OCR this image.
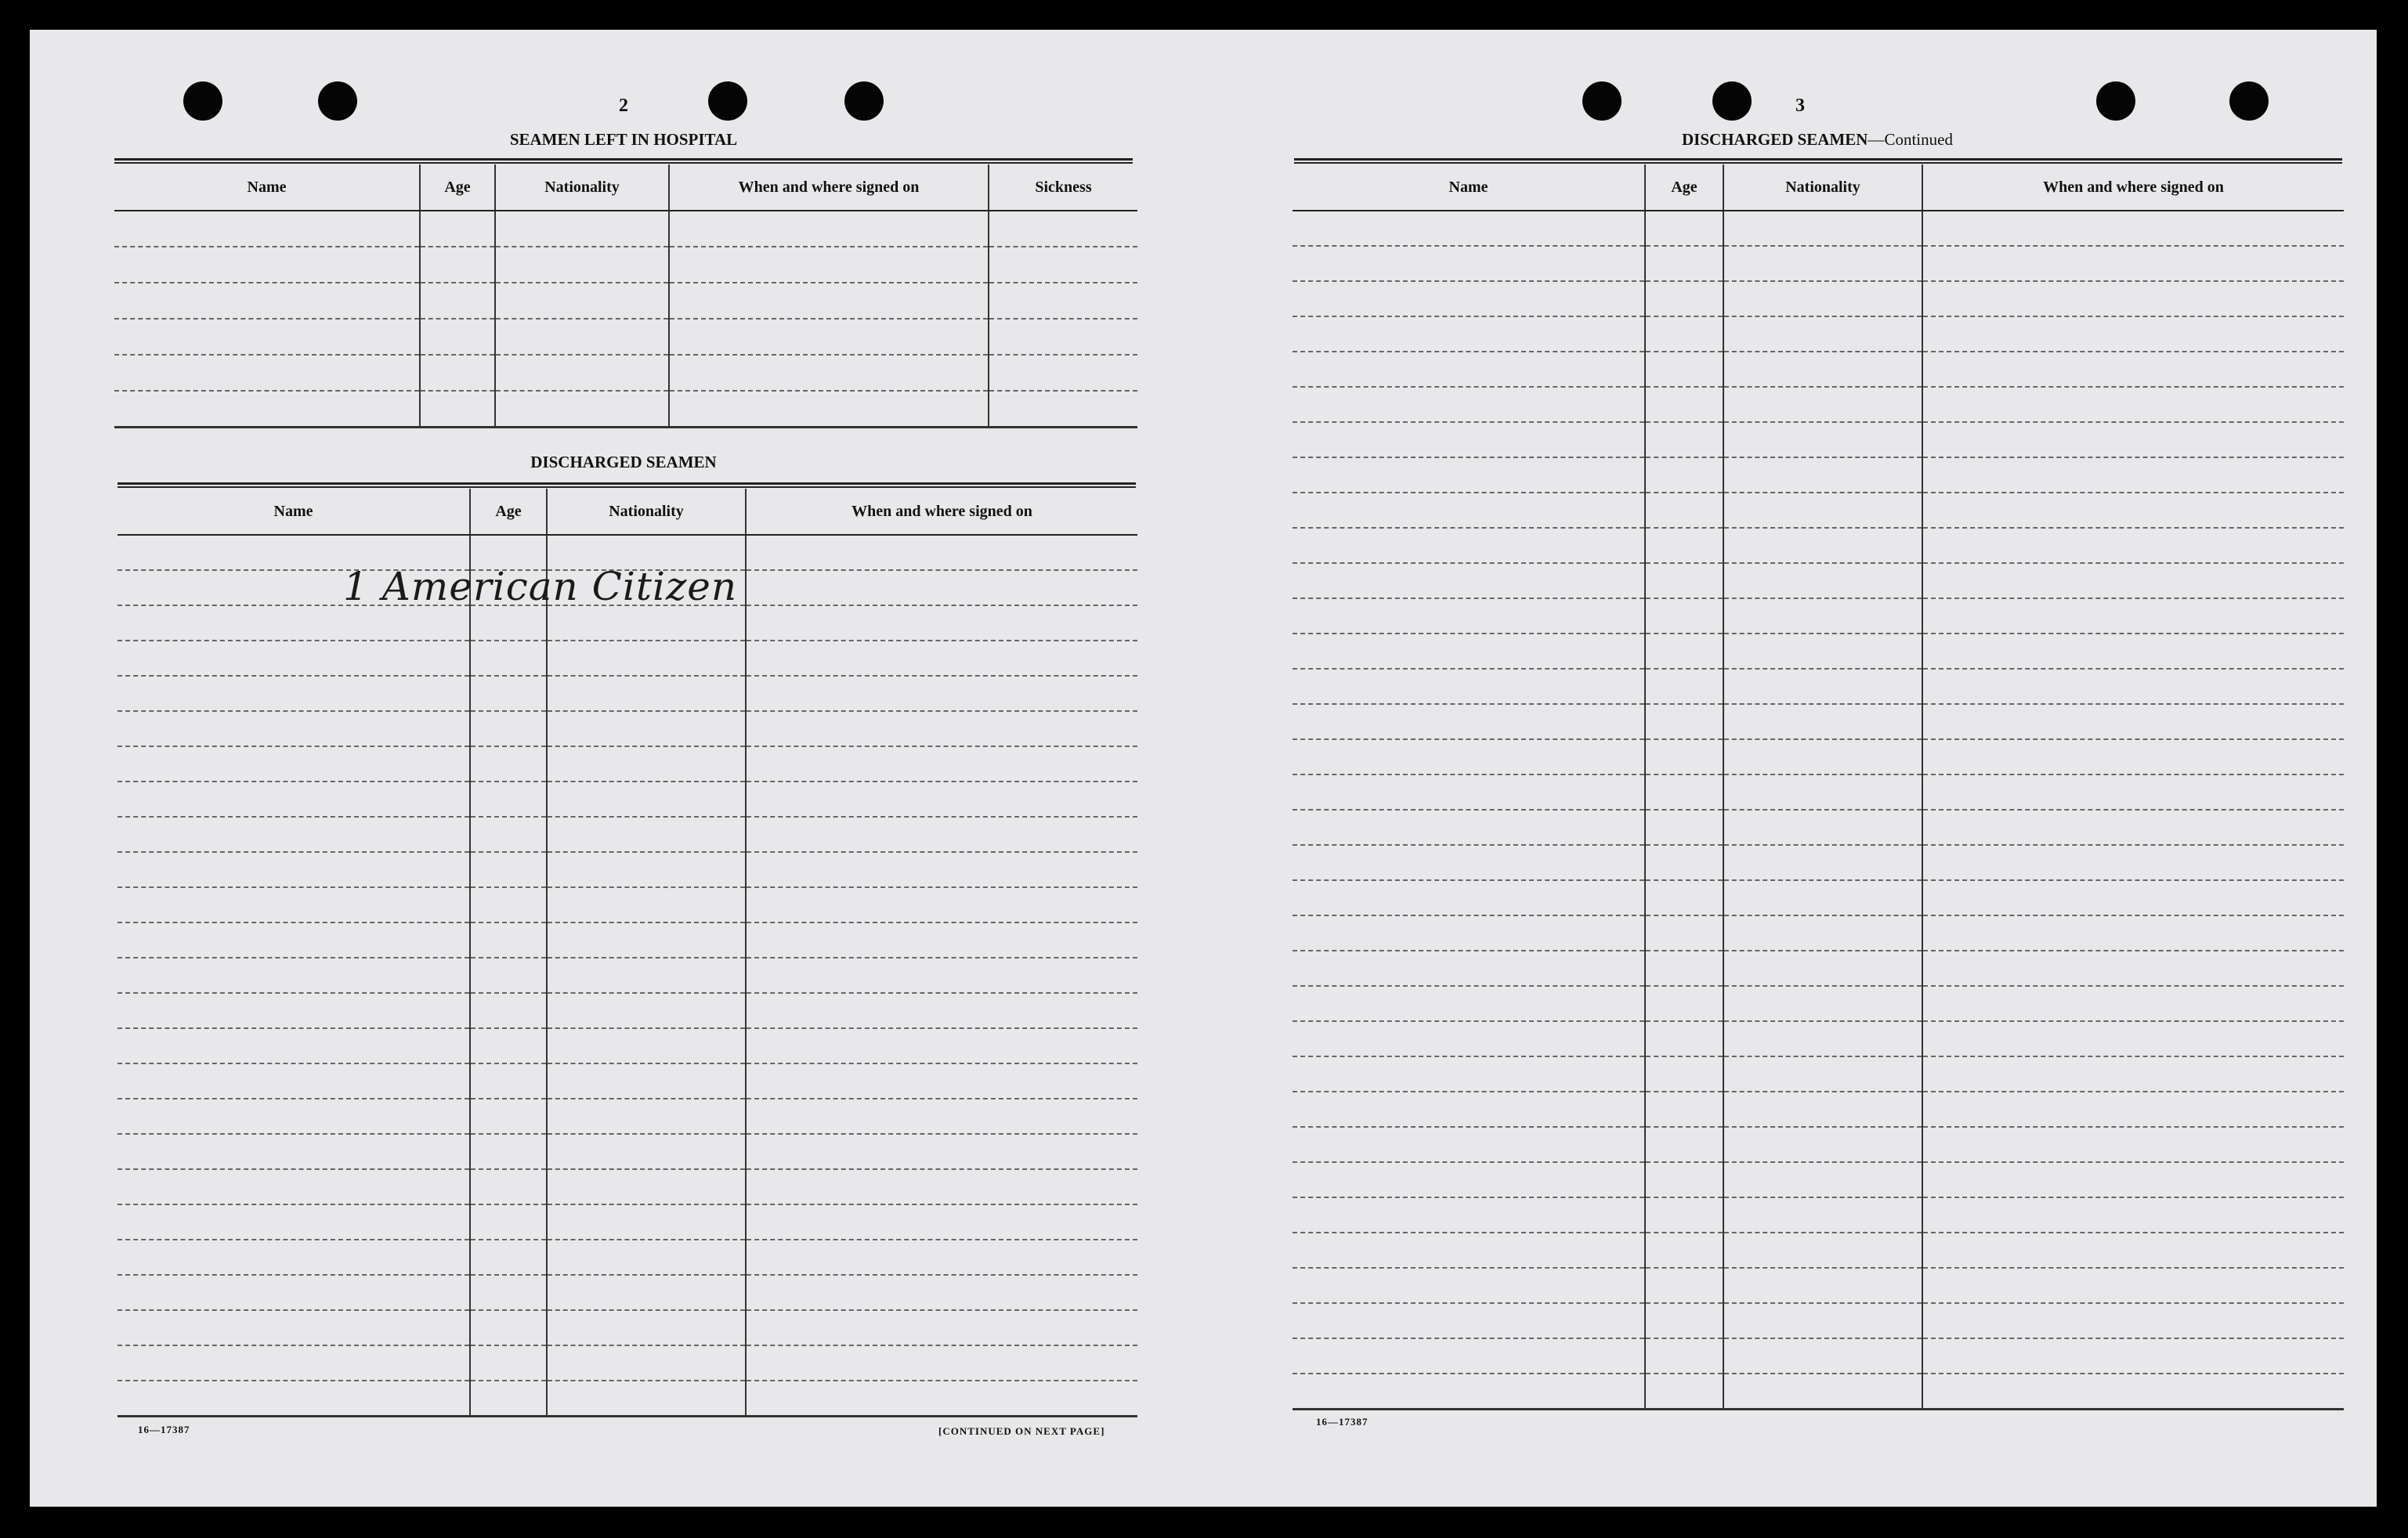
2
SEAMEN LEFT IN HOSPITAL
Name	Age	Nationality	When and where signed on	Sickness

DISCHARGED SEAMEN
Name	Age	Nationality	When and where signed on

1 American Citizen
16—17387	[CONTINUED ON NEXT PAGE]
3
DISCHARGED SEAMEN—Continued
Name	Age	Nationality	When and where signed on

16—17387
